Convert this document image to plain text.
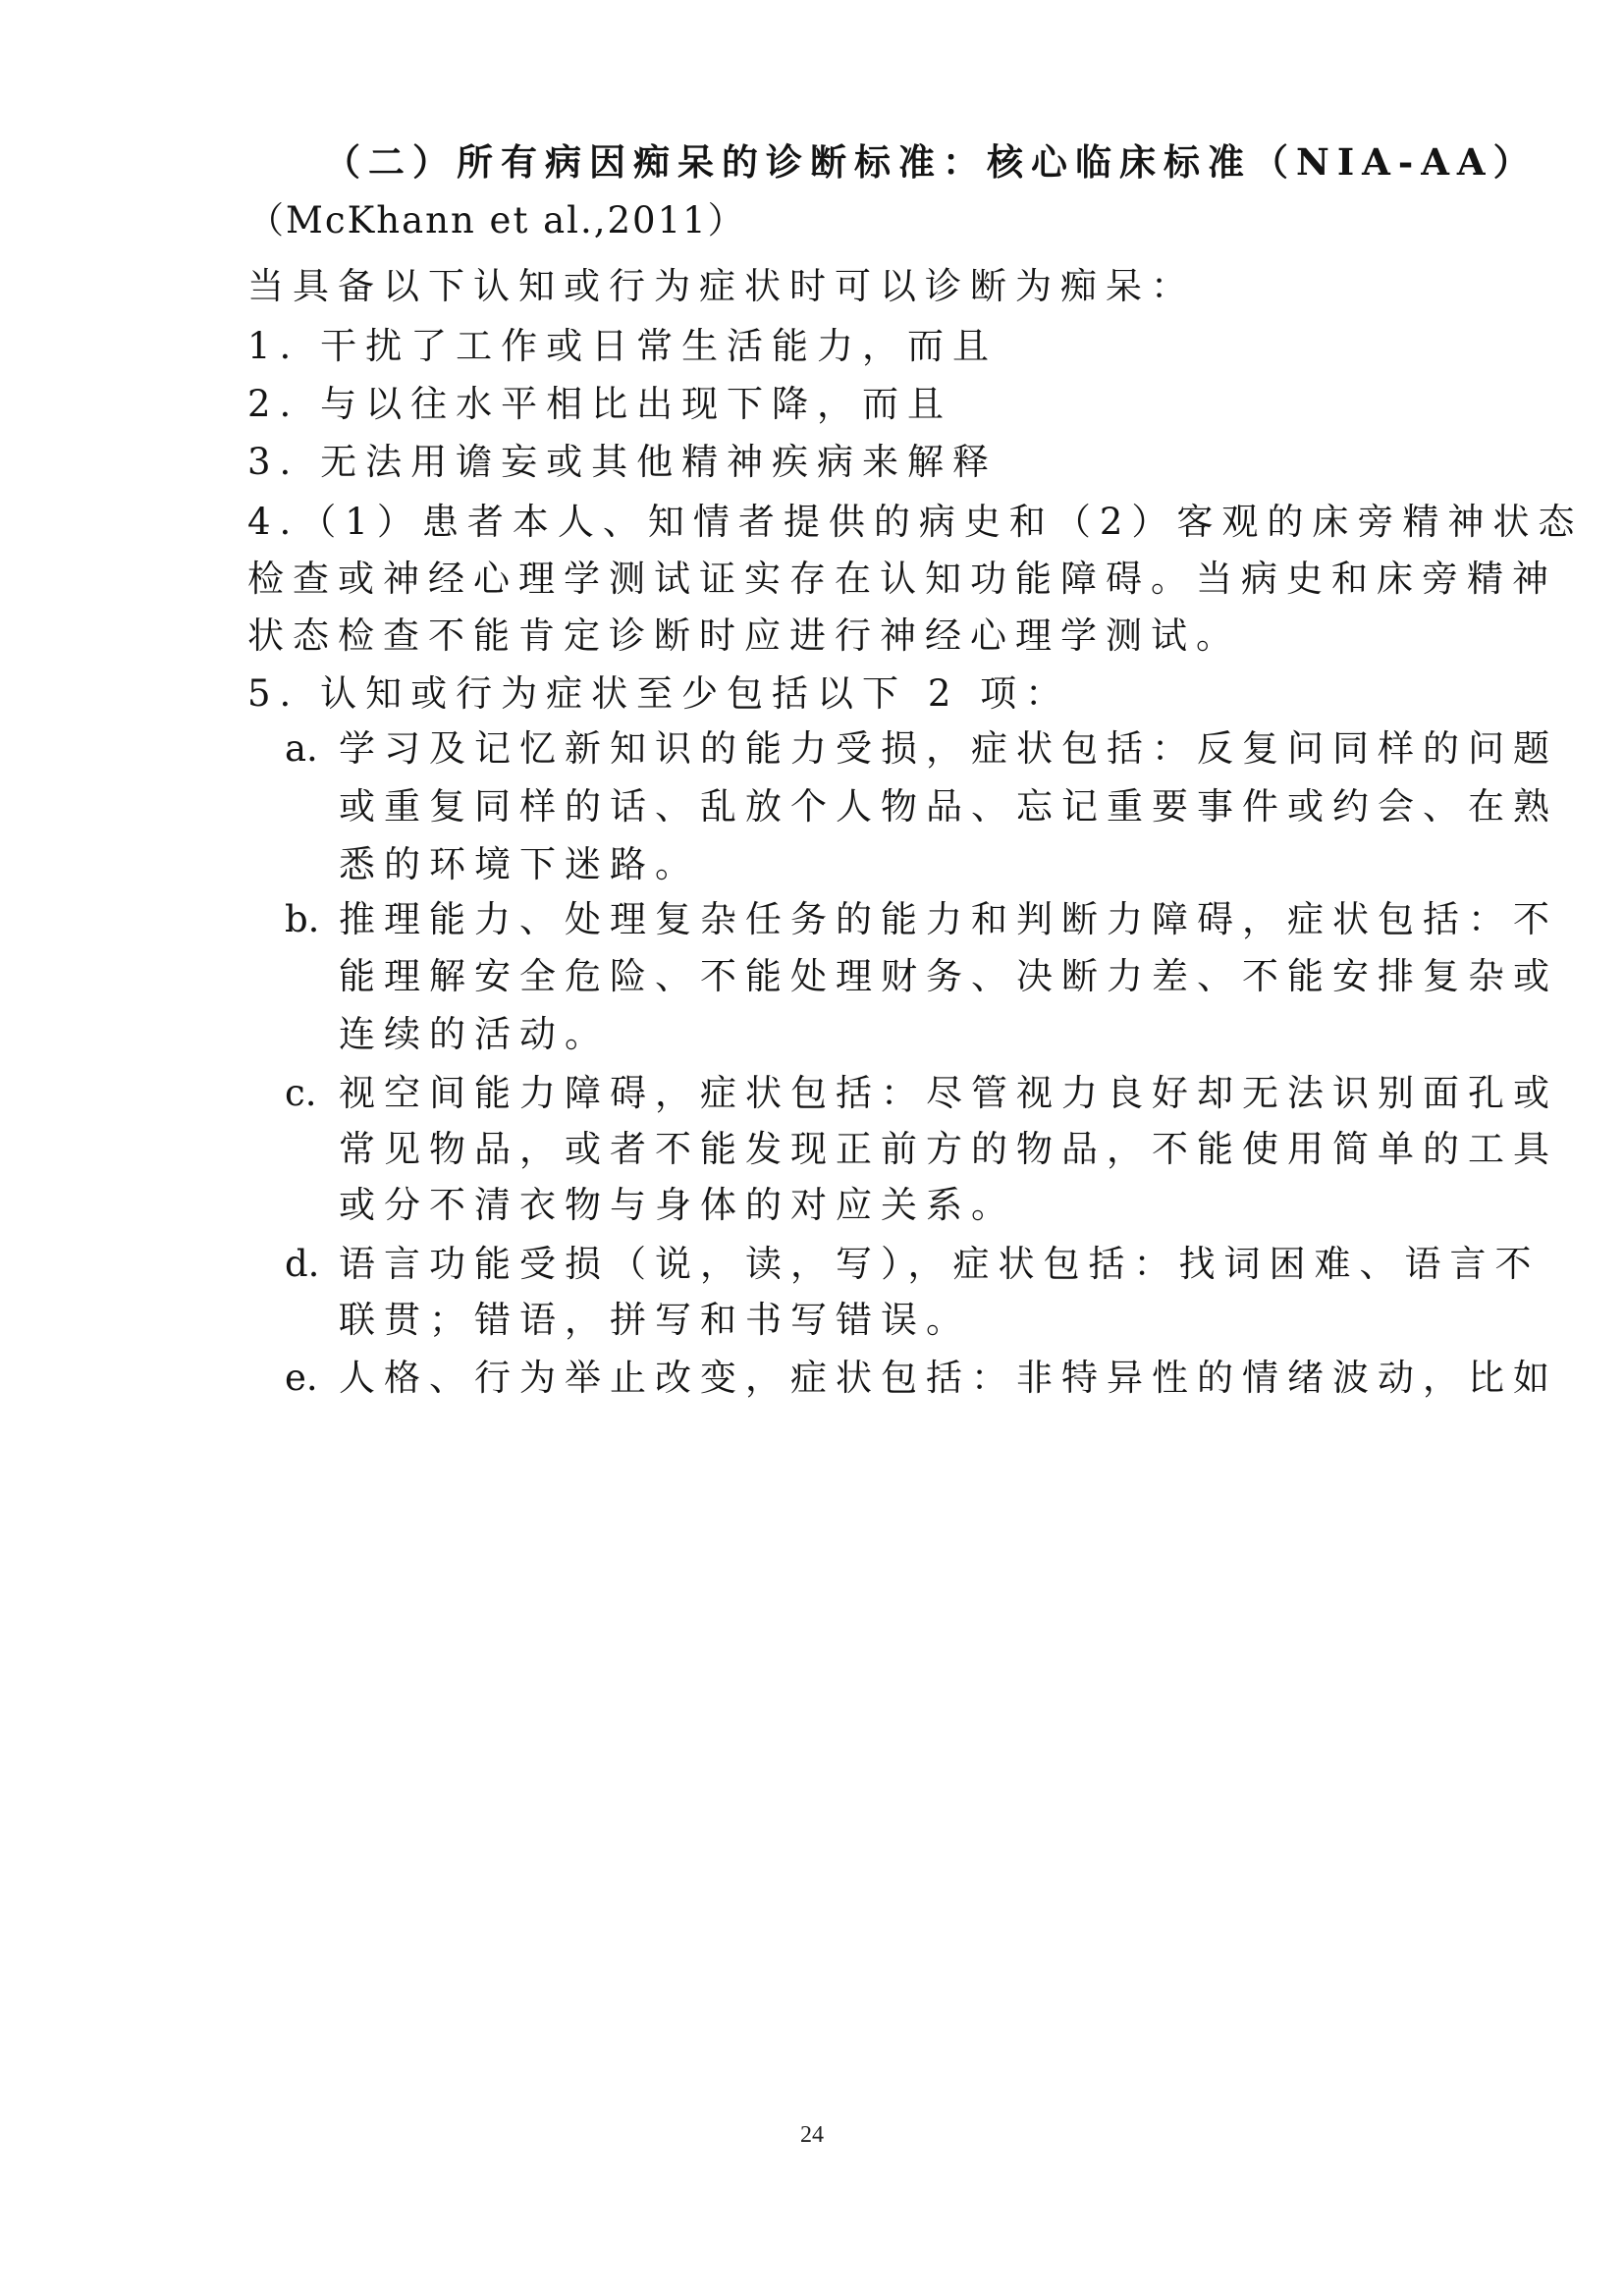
（二）所有病因痴呆的诊断标准：核心临床标准（NIA-AA）
（McKhann et al.,2011）
当具备以下认知或行为症状时可以诊断为痴呆：
1. 干扰了工作或日常生活能力，而且
2. 与以往水平相比出现下降，而且
3. 无法用谵妄或其他精神疾病来解释
4.（1）患者本人、知情者提供的病史和（2）客观的床旁精神状态
检查或神经心理学测试证实存在认知功能障碍。当病史和床旁精神
状态检查不能肯定诊断时应进行神经心理学测试。
5. 认知或行为症状至少包括以下 2 项：
a. 学习及记忆新知识的能力受损，症状包括：反复问同样的问题
或重复同样的话、乱放个人物品、忘记重要事件或约会、在熟
悉的环境下迷路。
b. 推理能力、处理复杂任务的能力和判断力障碍，症状包括：不
能理解安全危险、不能处理财务、决断力差、不能安排复杂或
连续的活动。
c. 视空间能力障碍，症状包括：尽管视力良好却无法识别面孔或
常见物品，或者不能发现正前方的物品，不能使用简单的工具
或分不清衣物与身体的对应关系。
d. 语言功能受损（说，读，写），症状包括：找词困难、语言不
联贯；错语，拼写和书写错误。
e. 人格、行为举止改变，症状包括：非特异性的情绪波动，比如
24
